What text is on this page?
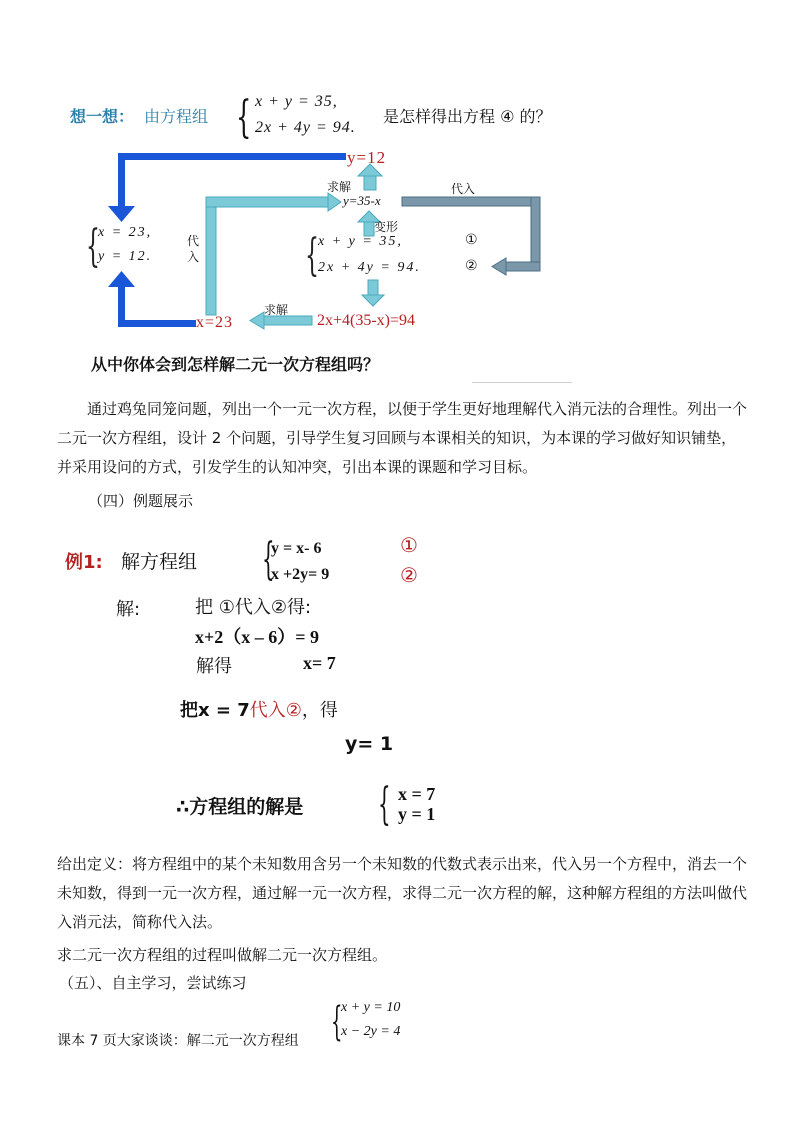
想一想： 由方程组 { x + y = 35,
2x + 4y = 94.
是怎样得出方程 ④ 的？
y=12
求解
y=35-x
代入
变形
{
x = 23,
y = 12.
代入 { x + y = 35,
2x + 4y = 94.
①
②
求解
x=23	2x+4(35-x)=94
从中你体会到怎样解二元一次方程组吗？
通过鸡兔同笼问题，列出一个一元一次方程，以便于学生更好地理解代入消元法的合理性。列出一个二元一次方程组，设计 2 个问题，引导学生复习回顾与本课相关的知识，为本课的学习做好知识铺垫，并采用设问的方式，引发学生的认知冲突，引出本课的课题和学习目标。
（四）例题展示
例1: 解方程组 {
y = x- 6
x +2y= 9
①
②
解:	把 ①代入②得:
x+2（x – 6）= 9
解得	x= 7
把x = 7代入②，得
y= 1
∴方程组的解是 { x = 7
y = 1
给出定义：将方程组中的某个未知数用含另一个未知数的代数式表示出来，代入另一个方程中，消去一个未知数，得到一元一次方程，通过解一元一次方程，求得二元一次方程的解，这种解方程组的方法叫做代入消元法，简称代入法。
求二元一次方程组的过程叫做解二元一次方程组。
（五）、自主学习，尝试练习
课本 7 页大家谈谈：解二元一次方程组 {
x + y = 10
x − 2y = 4
